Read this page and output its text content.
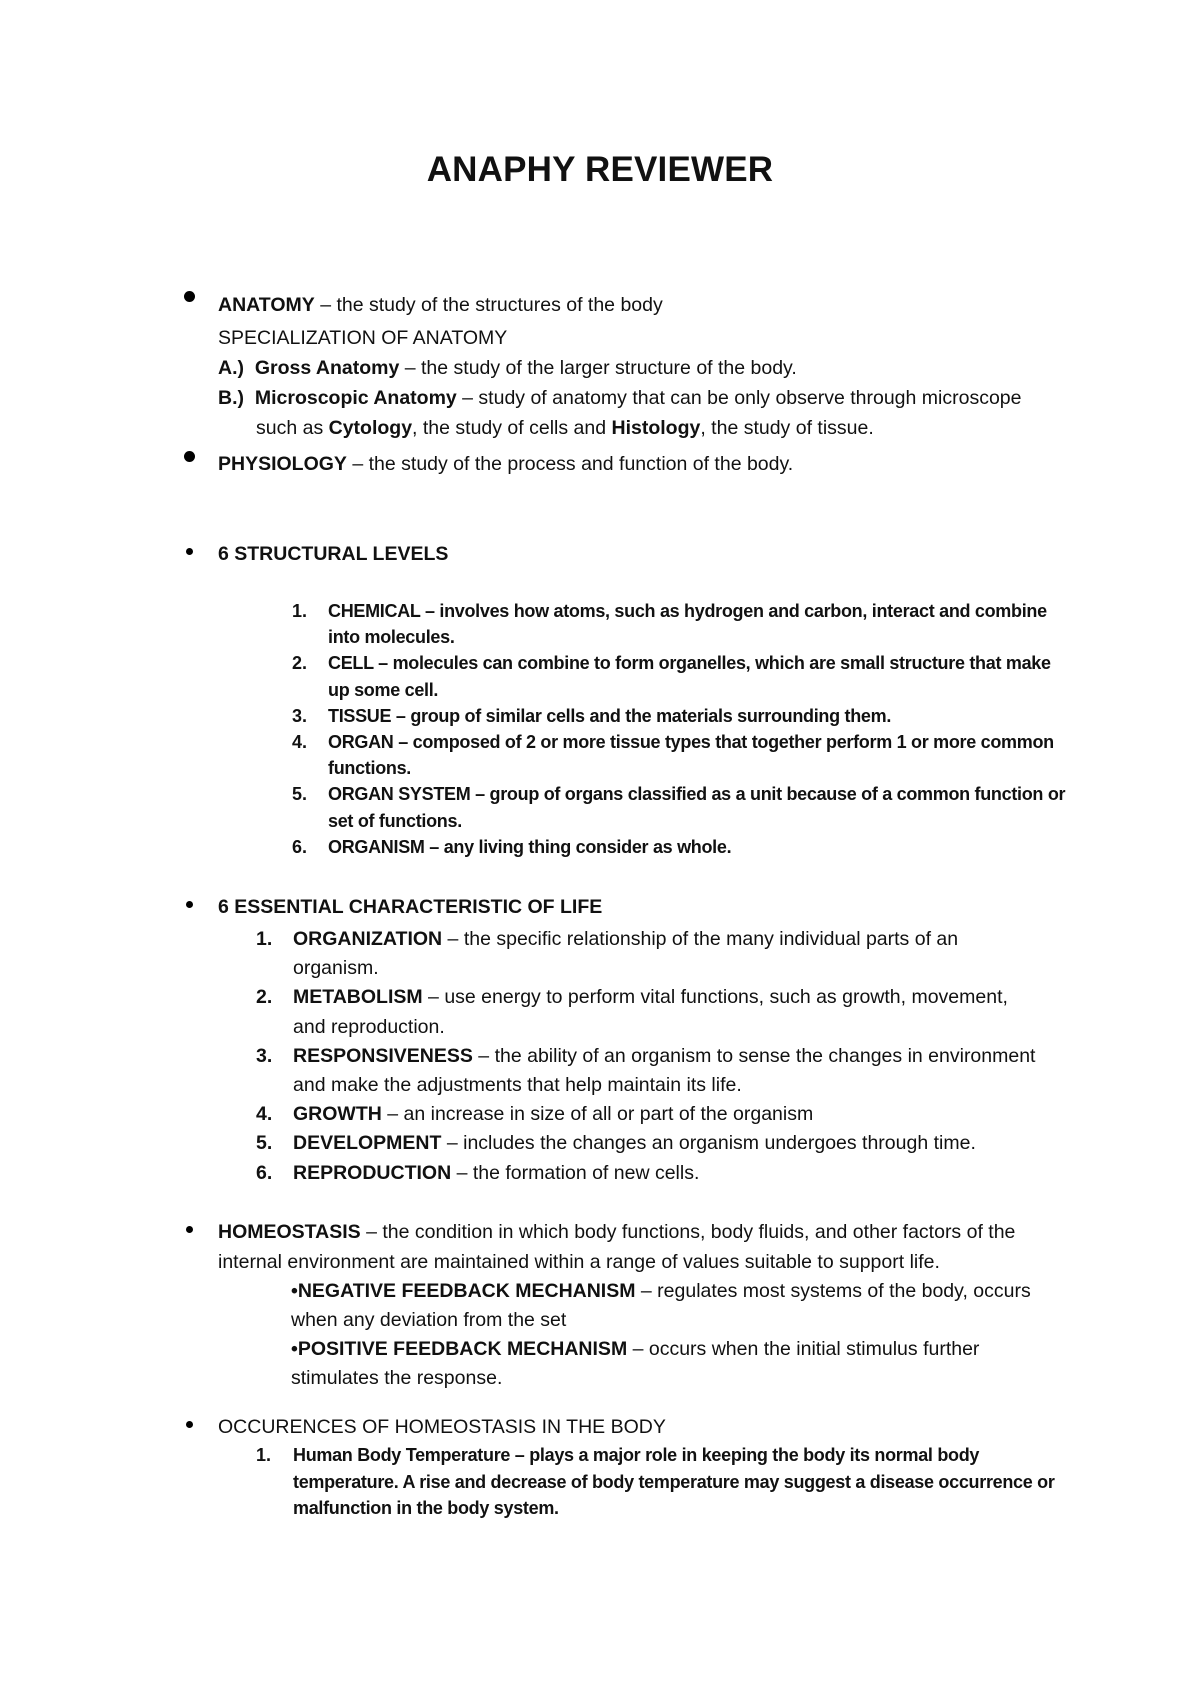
ANAPHY REVIEWER
ANATOMY – the study of the structures of the body
SPECIALIZATION OF ANATOMY
A.) Gross Anatomy – the study of the larger structure of the body.
B.) Microscopic Anatomy – study of anatomy that can be only observe through microscope
such as Cytology, the study of cells and Histology, the study of tissue.
PHYSIOLOGY – the study of the process and function of the body.
6 STRUCTURAL LEVELS
1. CHEMICAL – involves how atoms, such as hydrogen and carbon, interact and combine
into molecules.
2. CELL – molecules can combine to form organelles, which are small structure that make
up some cell.
3. TISSUE – group of similar cells and the materials surrounding them.
4. ORGAN – composed of 2 or more tissue types that together perform 1 or more common
functions.
5. ORGAN SYSTEM – group of organs classified as a unit because of a common function or
set of functions.
6. ORGANISM – any living thing consider as whole.
6 ESSENTIAL CHARACTERISTIC OF LIFE
1. ORGANIZATION – the specific relationship of the many individual parts of an
organism.
2. METABOLISM – use energy to perform vital functions, such as growth, movement,
and reproduction.
3. RESPONSIVENESS – the ability of an organism to sense the changes in environment
and make the adjustments that help maintain its life.
4. GROWTH – an increase in size of all or part of the organism
5. DEVELOPMENT – includes the changes an organism undergoes through time.
6. REPRODUCTION – the formation of new cells.
HOMEOSTASIS – the condition in which body functions, body fluids, and other factors of the
internal environment are maintained within a range of values suitable to support life.
•NEGATIVE FEEDBACK MECHANISM – regulates most systems of the body, occurs
when any deviation from the set
•POSITIVE FEEDBACK MECHANISM – occurs when the initial stimulus further
stimulates the response.
OCCURENCES OF HOMEOSTASIS IN THE BODY
1. Human Body Temperature – plays a major role in keeping the body its normal body
temperature. A rise and decrease of body temperature may suggest a disease occurrence or
malfunction in the body system.
